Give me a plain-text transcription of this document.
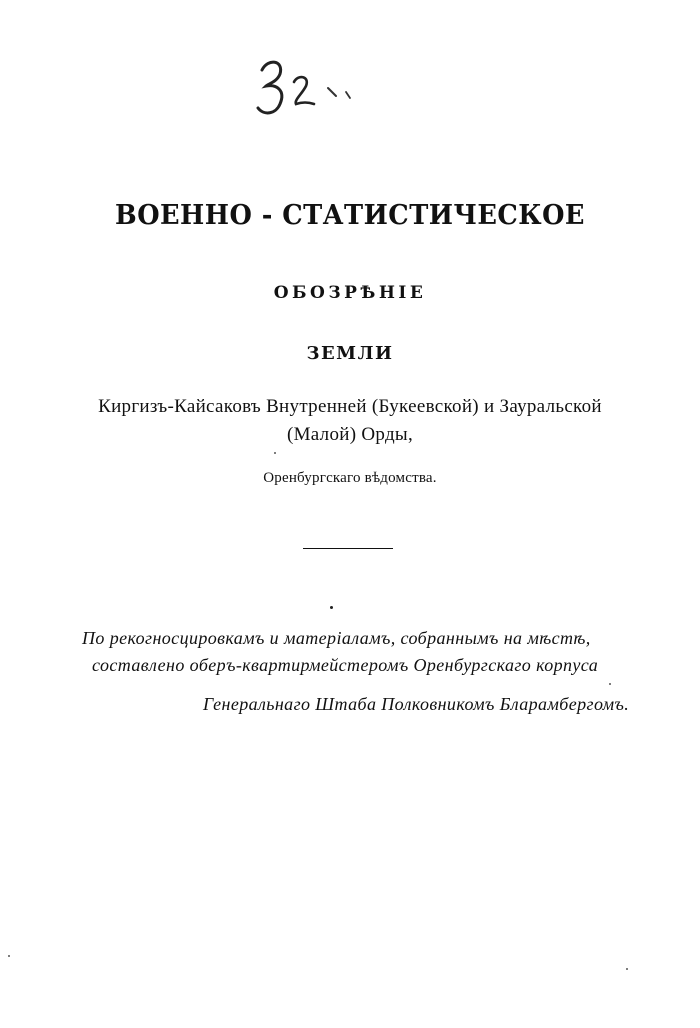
ВОЕННО - СТАТИСТИЧЕСКОЕ
ОБОЗРѢНІЕ
ЗЕМЛИ
Киргизъ-Кайсаковъ Внутренней (Букеевской) и Зауральской
(Малой) Орды,
Оренбургскаго вѣдомства.
По рекогносцировкамъ и матеріаламъ, собраннымъ на мѣстѣ,
составлено оберъ-квартирмейстеромъ Оренбургскаго корпуса
Генеральнаго Штаба Полковникомъ Бларамбергомъ.
